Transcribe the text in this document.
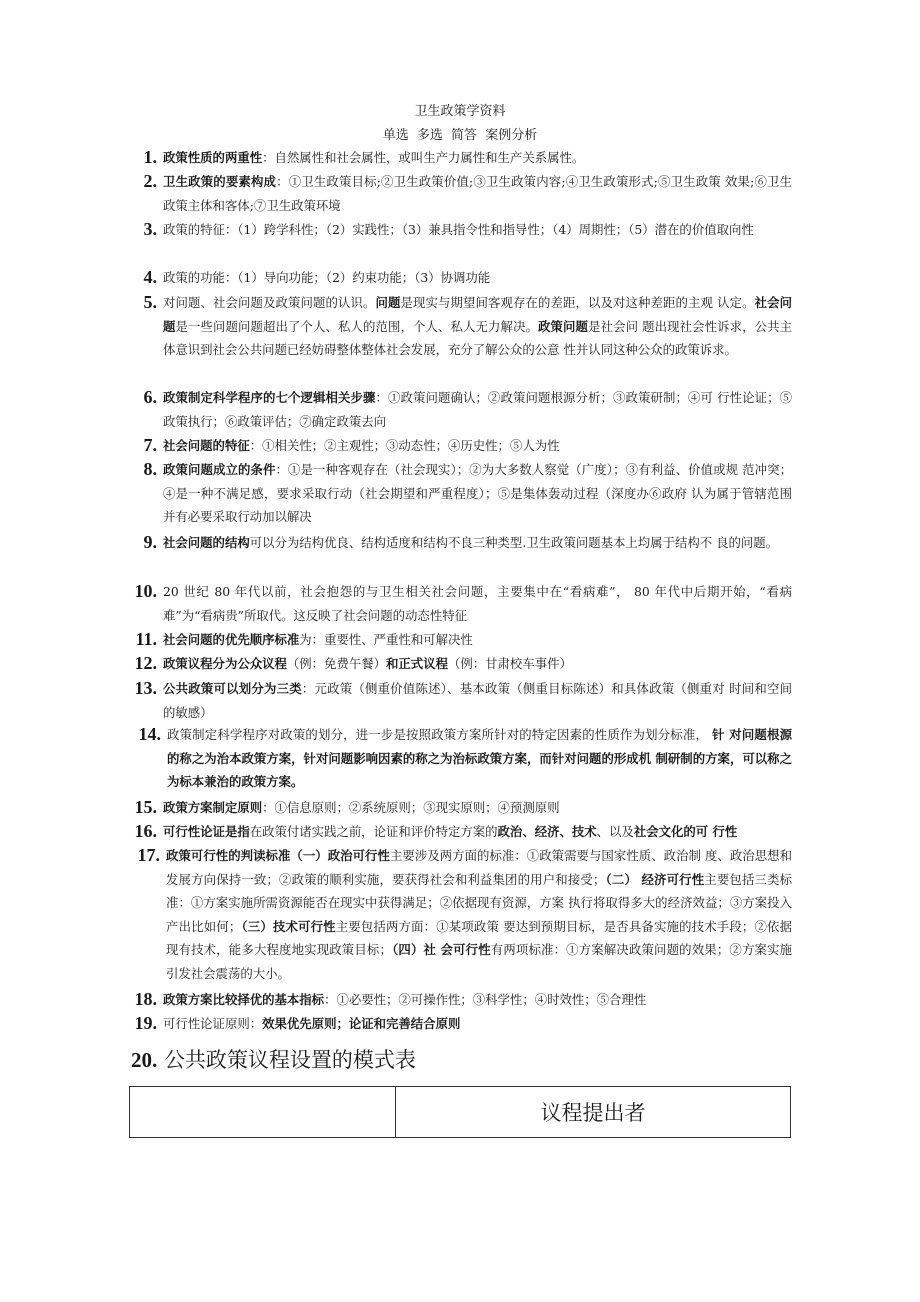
卫生政策学资料
单选 多选 简答 案例分析
1. 政策性质的两重性：自然属性和社会属性，或叫生产力属性和生产关系属性。
2. 卫生政策的要素构成：①卫生政策目标;②卫生政策价值;③卫生政策内容;④卫生政策形式;⑤卫生政策 效果;⑥卫生政策主体和客体;⑦卫生政策环境
3. 政策的特征：（1）跨学科性；（2）实践性；（3）兼具指令性和指导性；（4）周期性；（5）潜在的价值取向性
4. 政策的功能：（1）导向功能；（2）约束功能；（3）协调功能
5. 对问题、社会问题及政策问题的认识。问题是现实与期望间客观存在的差距，以及对这种差距的主观 认定。社会问题是一些问题问题超出了个人、私人的范围，个人、私人无力解决。政策问题是社会问 题出现社会性诉求，公共主体意识到社会公共问题已经妨碍整体整体社会发展，充分了解公众的公意 性并认同这种公众的政策诉求。
6. 政策制定科学程序的七个逻辑相关步骤：①政策问题确认；②政策问题根源分析；③政策研制；④可 行性论证；⑤政策执行；⑥政策评估；⑦确定政策去向
7. 社会问题的特征：①相关性；②主观性；③动态性；④历史性；⑤人为性
8. 政策问题成立的条件：①是一种客观存在（社会现实）；②为大多数人察觉（广度）；③有利益、价值或规 范冲突；④是一种不满足感，要求采取行动（社会期望和严重程度）；⑤是集体轰动过程（深度办⑥政府 认为属于管辖范围并有必要采取行动加以解决
9. 社会问题的结构可以分为结构优良、结构适度和结构不良三种类型.卫生政策问题基本上均属于结构不 良的问题。
10. 20 世纪 80 年代以前，社会抱怨的与卫生相关社会问题，主要集中在“看病难”， 80 年代中后期开始，“看病难”为“看病贵”所取代。这反映了社会问题的动态性特征
11. 社会问题的优先顺序标准为：重要性、严重性和可解决性
12. 政策议程分为公众议程（例：免费午餐）和正式议程（例：甘肃校车事件）
13. 公共政策可以划分为三类：元政策（侧重价值陈述）、基本政策（侧重目标陈述）和具体政策（侧重对 时间和空间的敏感）
14. 政策制定科学程序对政策的划分，进一步是按照政策方案所针对的特定因素的性质作为划分标准， 针 对问题根源的称之为治本政策方案，针对问题影响因素的称之为治标政策方案，而针对问题的形成机 制研制的方案，可以称之为标本兼治的政策方案。
15. 政策方案制定原则：①信息原则；②系统原则；③现实原则；④预测原则
16. 可行性论证是指在政策付诸实践之前，论证和评价特定方案的政治、经济、技术、以及社会文化的可 行性
17. 政策可行性的判读标准（一）政治可行性主要涉及两方面的标准：①政策需要与国家性质、政治制 度、政治思想和发展方向保持一致；②政策的顺利实施，要获得社会和利益集团的用户和接受；（二） 经济可行性主要包括三类标准：①方案实施所需资源能否在现实中获得满足；②依据现有资源，方案 执行将取得多大的经济效益；③方案投入产出比如何；（三）技术可行性主要包括两方面：①某项政策 要达到预期目标，是否具备实施的技术手段；②依据现有技术，能多大程度地实现政策目标；（四）社 会可行性有两项标准：①方案解决政策问题的效果；②方案实施引发社会震荡的大小。
18. 政策方案比较择优的基本指标：①必要性；②可操作性；③科学性；④时效性；⑤合理性
19. 可行性论证原则：效果优先原则；论证和完善结合原则
20. 公共政策议程设置的模式表
	议程提出者
